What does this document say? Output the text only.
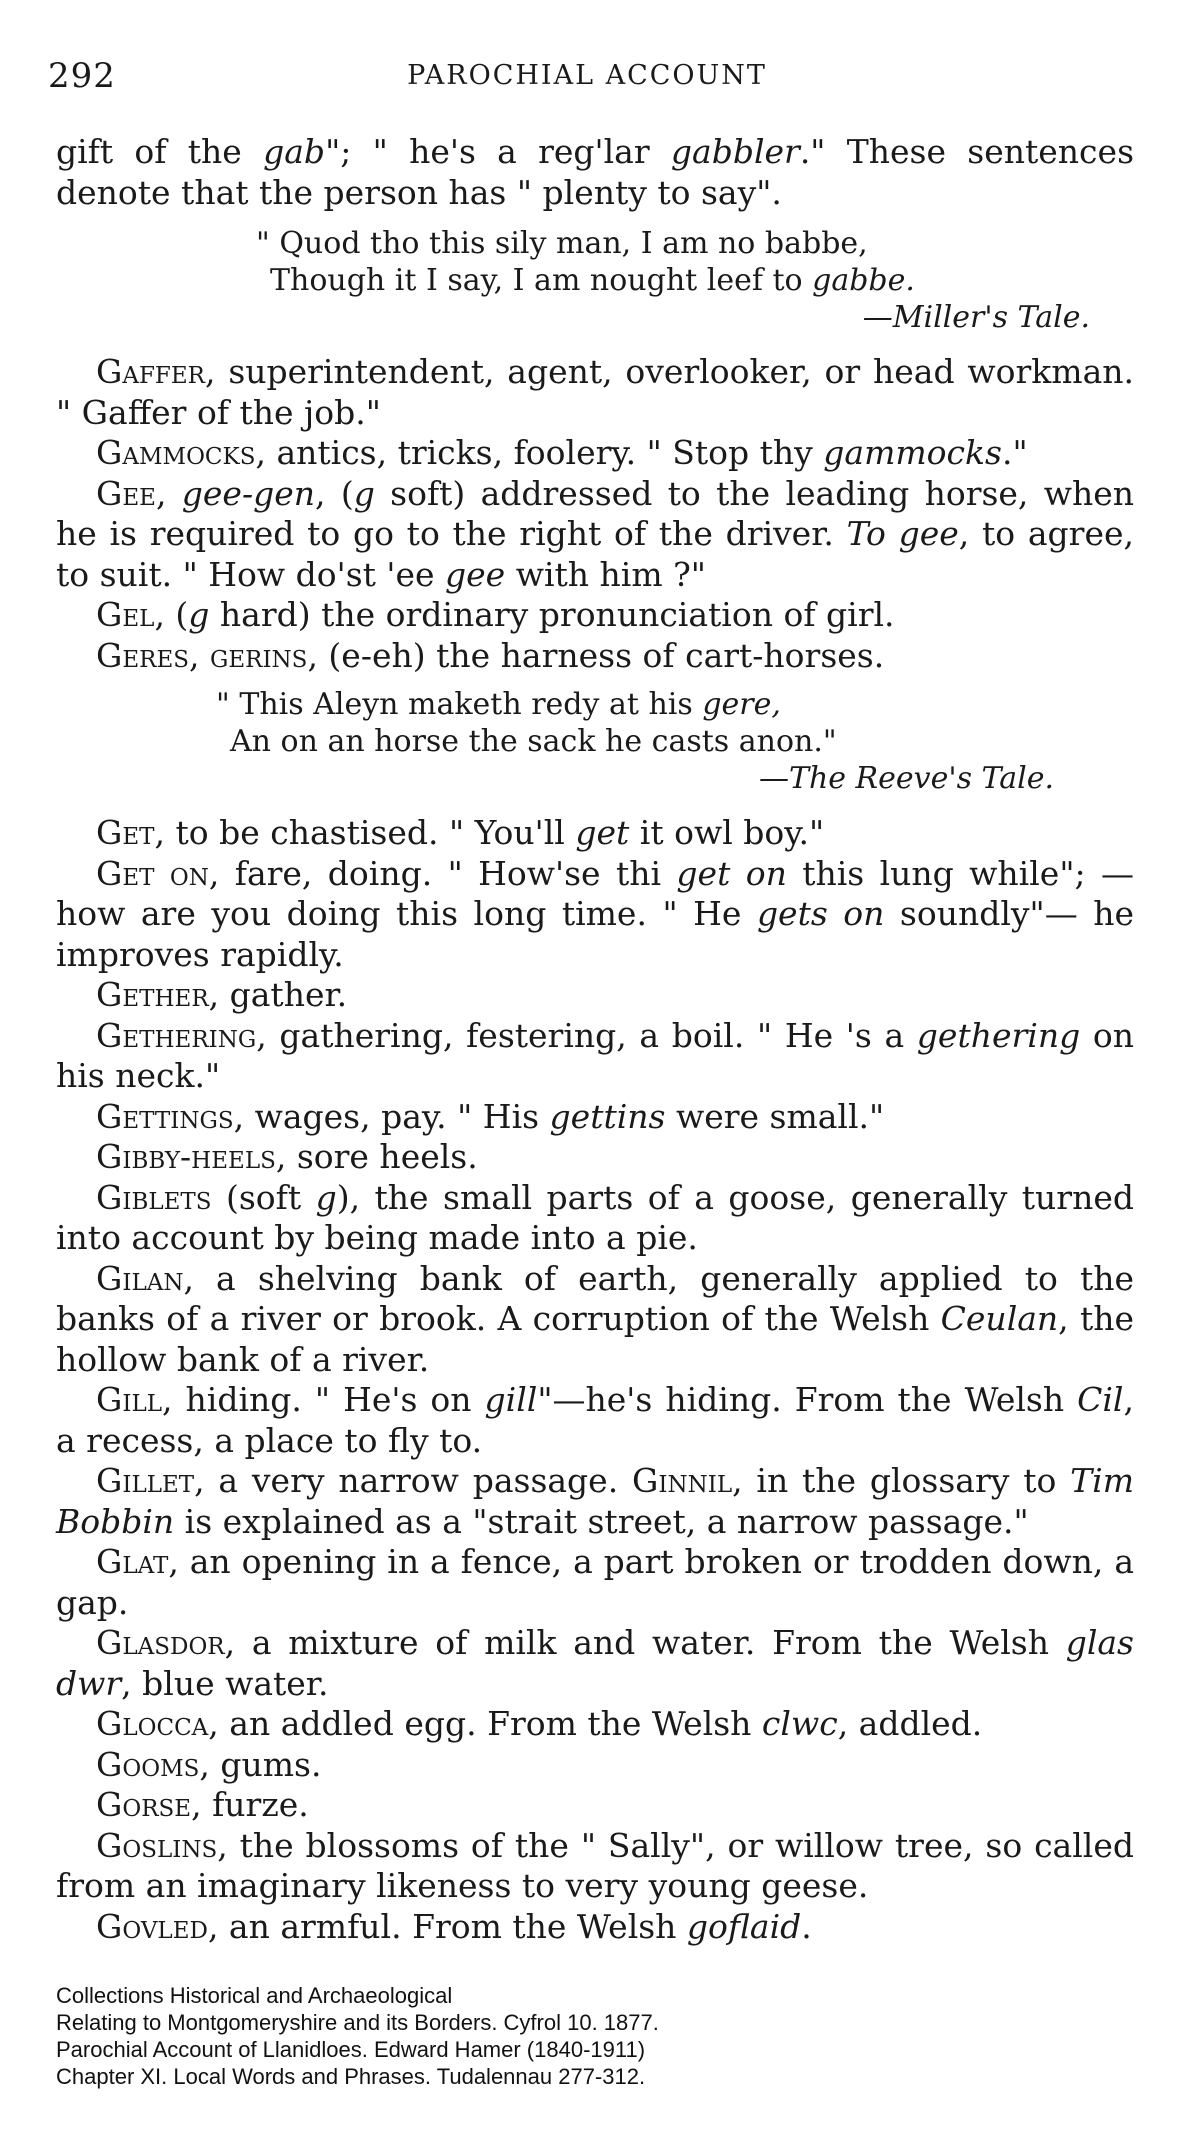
292	PAROCHIAL ACCOUNT

gift of the gab"; " he's a reg'lar gabbler." These sentences denote that the person has " plenty to say".

" Quod tho this sily man, I am no babbe,
Though it I say, I am nought leef to gabbe.
—Miller's Tale.

Gaffer, superintendent, agent, overlooker, or head workman. " Gaffer of the job."

Gammocks, antics, tricks, foolery. " Stop thy gammocks."

Gee, gee-gen, (g soft) addressed to the leading horse, when he is required to go to the right of the driver. To gee, to agree, to suit. " How do'st 'ee gee with him ?"

Gel, (g hard) the ordinary pronunciation of girl.

Geres, gerins, (e-eh) the harness of cart-horses.

" This Aleyn maketh redy at his gere,
An on an horse the sack he casts anon."
—The Reeve's Tale.

Get, to be chastised. " You'll get it owl boy."

Get on, fare, doing. " How'se thi get on this lung while"; —how are you doing this long time. " He gets on soundly"— he improves rapidly.

Gether, gather.

Gethering, gathering, festering, a boil. " He 's a gethering on his neck."

Gettings, wages, pay. " His gettins were small."

Gibby-heels, sore heels.

Giblets (soft g), the small parts of a goose, generally turned into account by being made into a pie.

Gilan, a shelving bank of earth, generally applied to the banks of a river or brook. A corruption of the Welsh Ceulan, the hollow bank of a river.

Gill, hiding. " He's on gill"—he's hiding. From the Welsh Cil, a recess, a place to fly to.

Gillet, a very narrow passage. Ginnil, in the glossary to Tim Bobbin is explained as a "strait street, a narrow passage."

Glat, an opening in a fence, a part broken or trodden down, a gap.

Glasdor, a mixture of milk and water. From the Welsh glas dwr, blue water.

Glocca, an addled egg. From the Welsh clwc, addled.

Gooms, gums.

Gorse, furze.

Goslins, the blossoms of the " Sally", or willow tree, so called from an imaginary likeness to very young geese.

Govled, an armful. From the Welsh goflaid.

Collections Historical and Archaeological
Relating to Montgomeryshire and its Borders. Cyfrol 10. 1877.
Parochial Account of Llanidloes. Edward Hamer (1840-1911)
Chapter XI. Local Words and Phrases. Tudalennau 277-312.
